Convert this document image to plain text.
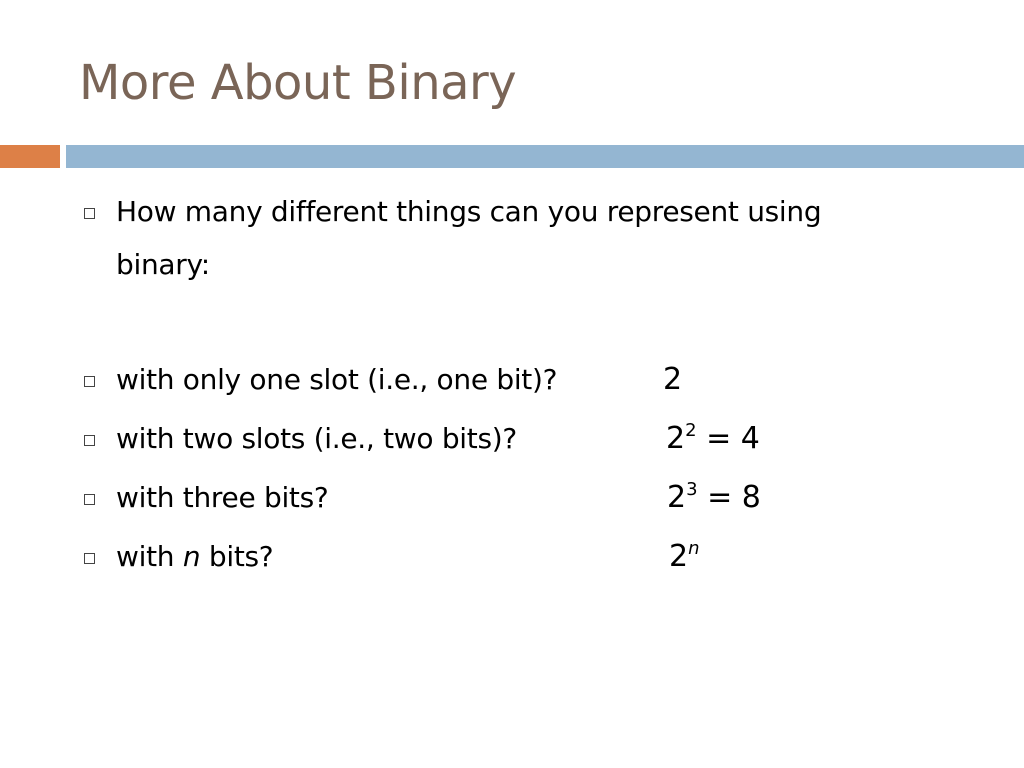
More About Binary
How many different things can you represent using
binary:
with only one slot (i.e., one bit)?	2
with two slots (i.e., two bits)?	$2^2 = 4$
with three bits?	$2^3 = 8$
with n bits?	2$^n$
